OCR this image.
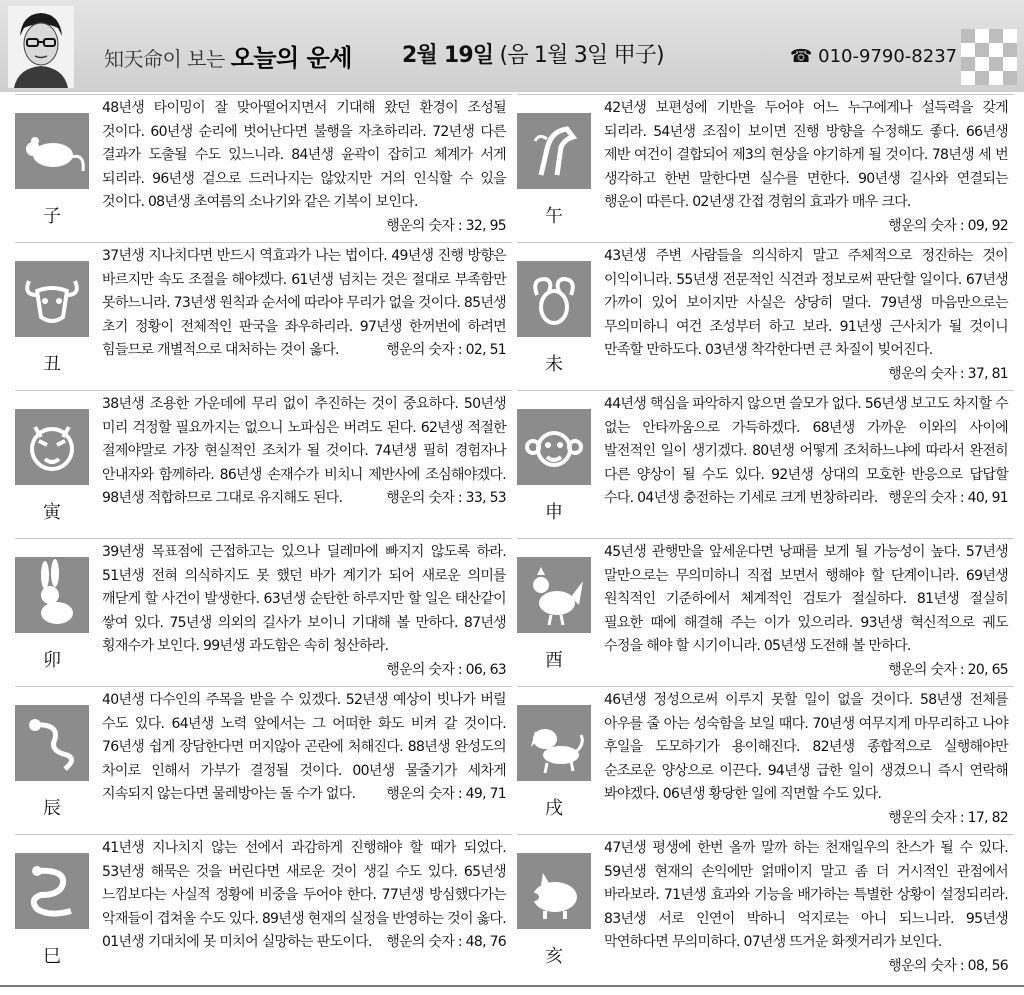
知天命이 보는 오늘의 운세 2월 19일 (음 1월 3일 甲子)	☎ 010-9790-8237
子
48년생 타이밍이 잘 맞아떨어지면서 기대해 왔던 환경이 조성될 것이다. 60년생 순리에 벗어난다면 불행을 자초하리라. 72년생 다른 결과가 도출될 수도 있느니라. 84년생 윤곽이 잡히고 체계가 서게 되리라. 96년생 겉으로 드러나지는 않았지만 거의 인식할 수 있을 것이다. 08년생 초여름의 소나기와 같은 기복이 보인다.
행운의 숫자 : 32, 95
丑
37년생 지나치다면 반드시 역효과가 나는 법이다. 49년생 진행 방향은 바르지만 속도 조절을 해야겠다. 61년생 넘치는 것은 절대로 부족함만 못하느니라. 73년생 원칙과 순서에 따라야 무리가 없을 것이다. 85년생 초기 정황이 전체적인 판국을 좌우하리라. 97년생 한꺼번에 하려면 힘들므로 개별적으로 대처하는 것이 옳다.	행운의 숫자 : 02, 51
寅
38년생 조용한 가운데에 무리 없이 추진하는 것이 중요하다. 50년생 미리 걱정할 필요까지는 없으니 노파심은 버려도 된다. 62년생 적절한 절제야말로 가장 현실적인 조치가 될 것이다. 74년생 필히 경험자나 안내자와 함께하라. 86년생 손재수가 비치니 제반사에 조심해야겠다. 98년생 적합하므로 그대로 유지해도 된다.	행운의 숫자 : 33, 53
卯
39년생 목표점에 근접하고는 있으나 딜레마에 빠지지 않도록 하라. 51년생 전혀 의식하지도 못 했던 바가 계기가 되어 새로운 의미를 깨닫게 할 사건이 발생한다. 63년생 순탄한 하루지만 할 일은 태산같이 쌓여 있다. 75년생 의외의 길사가 보이니 기대해 볼 만하다. 87년생 횡재수가 보인다. 99년생 과도함은 속히 청산하라.
행운의 숫자 : 06, 63
辰
40년생 다수인의 주목을 받을 수 있겠다. 52년생 예상이 빗나가 버릴 수도 있다. 64년생 노력 앞에서는 그 어떠한 화도 비켜 갈 것이다. 76년생 쉽게 장담한다면 머지않아 곤란에 처해진다. 88년생 완성도의 차이로 인해서 가부가 결정될 것이다. 00년생 물줄기가 세차게 지속되지 않는다면 물레방아는 돌 수가 없다. 행운의 숫자 : 49, 71
巳
41년생 지나치지 않는 선에서 과감하게 진행해야 할 때가 되었다. 53년생 해묵은 것을 버린다면 새로운 것이 생길 수도 있다. 65년생 느낌보다는 사실적 정황에 비중을 두어야 한다. 77년생 방심했다가는 악재들이 겹쳐올 수도 있다. 89년생 현재의 실정을 반영하는 것이 옳다. 01년생 기대치에 못 미치어 실망하는 판도이다. 행운의 숫자 : 48, 76
午
42년생 보편성에 기반을 두어야 어느 누구에게나 설득력을 갖게 되리라. 54년생 조짐이 보이면 진행 방향을 수정해도 좋다. 66년생 제반 여건이 결합되어 제3의 현상을 야기하게 될 것이다. 78년생 세 번 생각하고 한번 말한다면 실수를 면한다. 90년생 길사와 연결되는 행운이 따른다. 02년생 간접 경험의 효과가 매우 크다.
행운의 숫자 : 09, 92
未
43년생 주변 사람들을 의식하지 말고 주체적으로 정진하는 것이 이익이니라. 55년생 전문적인 식견과 정보로써 판단할 일이다. 67년생 가까이 있어 보이지만 사실은 상당히 멀다. 79년생 마음만으로는 무의미하니 여건 조성부터 하고 보라. 91년생 근사치가 될 것이니 만족할 만하도다. 03년생 착각한다면 큰 차질이 빚어진다.
행운의 숫자 : 37, 81
申
44년생 핵심을 파악하지 않으면 쓸모가 없다. 56년생 보고도 차지할 수 없는 안타까움으로 가득하겠다. 68년생 가까운 이와의 사이에 발전적인 일이 생기겠다. 80년생 어떻게 조처하느냐에 따라서 완전히 다른 양상이 될 수도 있다. 92년생 상대의 모호한 반응으로 답답할 수다. 04년생 충전하는 기세로 크게 번창하리라. 행운의 숫자 : 40, 91
酉
45년생 관행만을 앞세운다면 낭패를 보게 될 가능성이 높다. 57년생 말만으로는 무의미하니 직접 보면서 행해야 할 단계이니라. 69년생 원칙적인 기준하에서 체계적인 검토가 절실하다. 81년생 절실히 필요한 때에 해결해 주는 이가 있으리라. 93년생 혁신적으로 궤도 수정을 해야 할 시기이니라. 05년생 도전해 볼 만하다.
행운의 숫자 : 20, 65
戌
46년생 정성으로써 이루지 못할 일이 없을 것이다. 58년생 전체를 아우를 줄 아는 성숙함을 보일 때다. 70년생 여무지게 마무리하고 나야 후일을 도모하기가 용이해진다. 82년생 종합적으로 실행해야만 순조로운 양상으로 이끈다. 94년생 급한 일이 생겼으니 즉시 연락해 봐야겠다. 06년생 황당한 일에 직면할 수도 있다.
행운의 숫자 : 17, 82
亥
47년생 평생에 한번 올까 말까 하는 천재일우의 찬스가 될 수 있다. 59년생 현재의 손익에만 얽매이지 말고 좀 더 거시적인 관점에서 바라보라. 71년생 효과와 기능을 배가하는 특별한 상황이 설정되리라. 83년생 서로 인연이 박하니 억지로는 아니 되느니라. 95년생 막연하다면 무의미하다. 07년생 뜨거운 화젯거리가 보인다.
행운의 숫자 : 08, 56
